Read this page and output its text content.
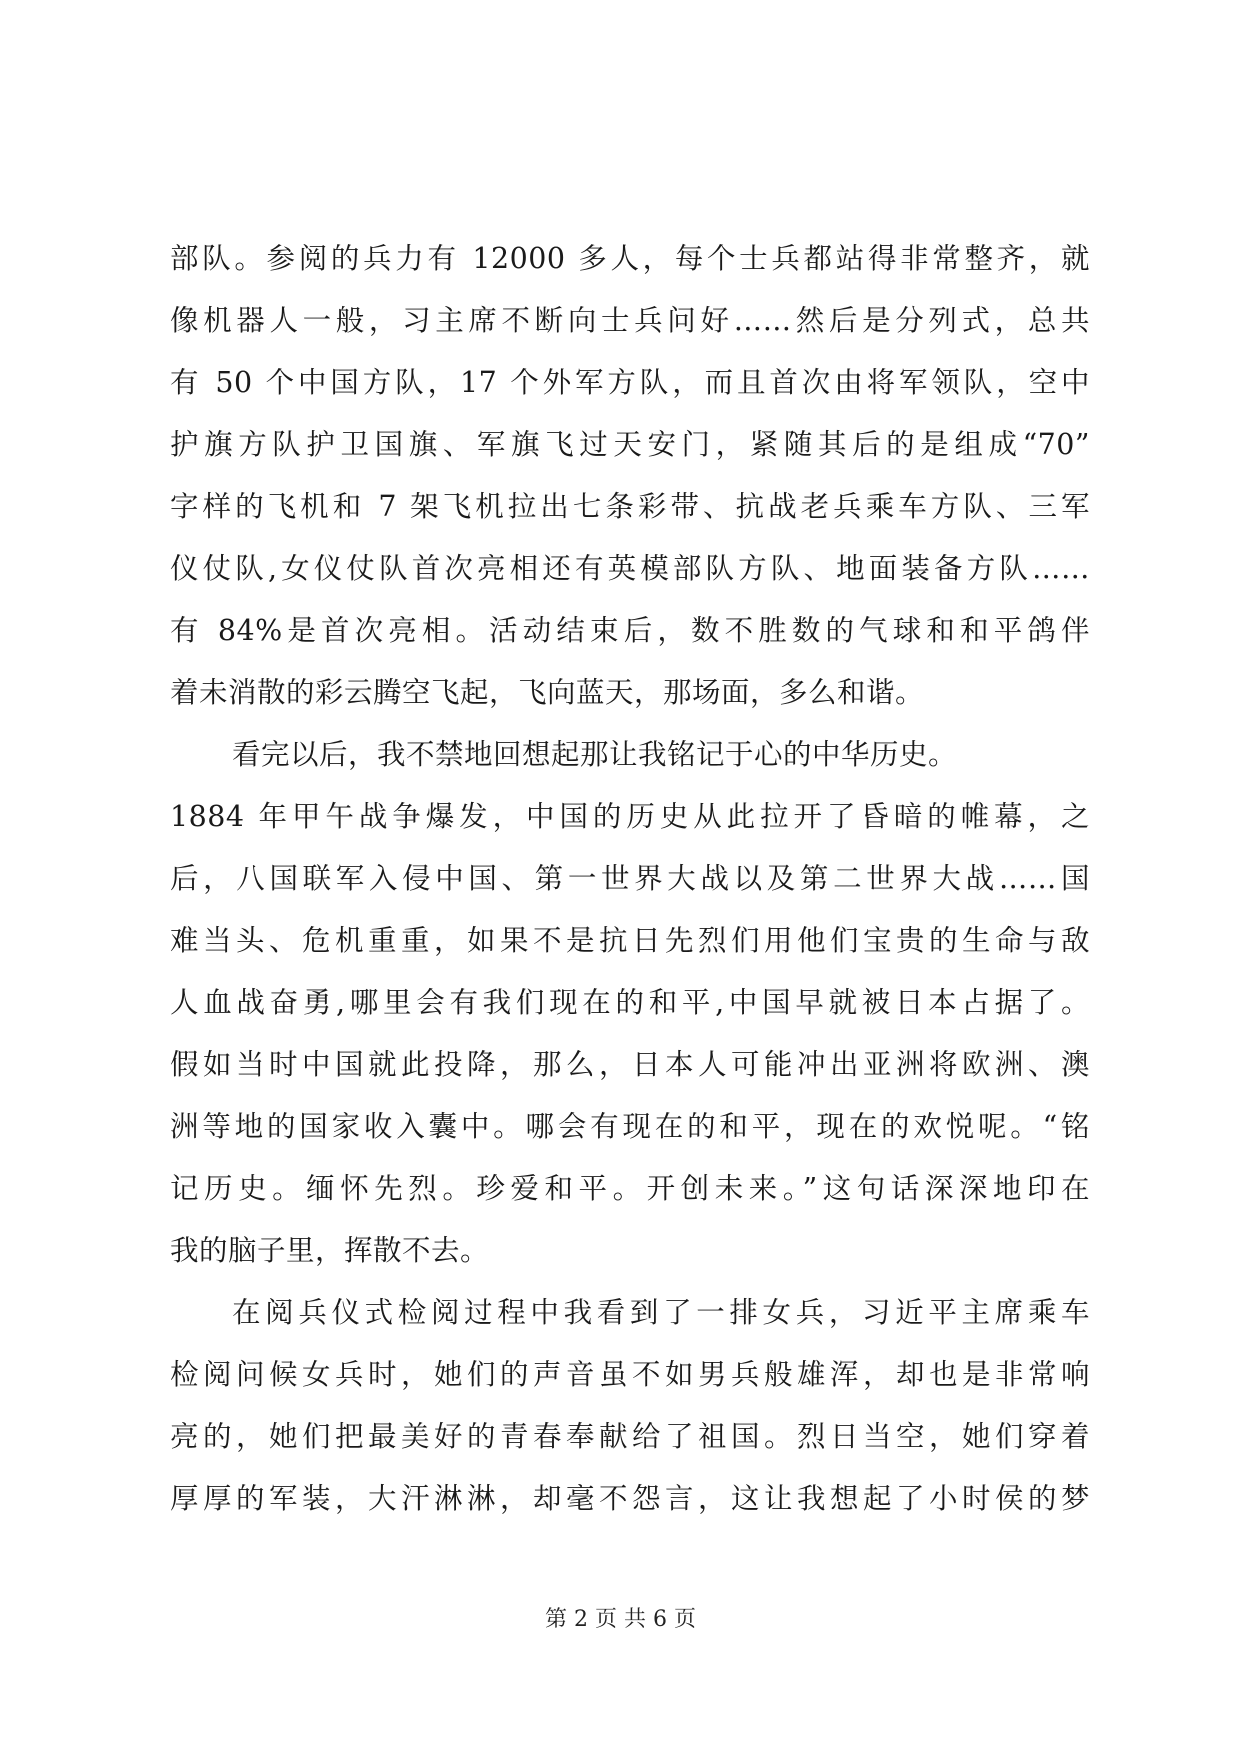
部队。参阅的兵力有 12000 多人，每个士兵都站得非常整齐，就
像机器人一般，习主席不断向士兵问好……然后是分列式，总共
有 50 个中国方队，17 个外军方队，而且首次由将军领队，空中
护旗方队护卫国旗、军旗飞过天安门，紧随其后的是组成“70”
字样的飞机和 7 架飞机拉出七条彩带、抗战老兵乘车方队、三军
仪仗队,女仪仗队首次亮相还有英模部队方队、地面装备方队……
有 84%是首次亮相。活动结束后，数不胜数的气球和和平鸽伴
着未消散的彩云腾空飞起，飞向蓝天，那场面，多么和谐。
看完以后，我不禁地回想起那让我铭记于心的中华历史。
1884 年甲午战争爆发，中国的历史从此拉开了昏暗的帷幕，之
后，八国联军入侵中国、第一世界大战以及第二世界大战……国
难当头、危机重重，如果不是抗日先烈们用他们宝贵的生命与敌
人血战奋勇,哪里会有我们现在的和平,中国早就被日本占据了。
假如当时中国就此投降，那么，日本人可能冲出亚洲将欧洲、澳
洲等地的国家收入囊中。哪会有现在的和平，现在的欢悦呢。“铭
记历史。缅怀先烈。珍爱和平。开创未来。”这句话深深地印在
我的脑子里，挥散不去。
在阅兵仪式检阅过程中我看到了一排女兵，习近平主席乘车
检阅问候女兵时，她们的声音虽不如男兵般雄浑，却也是非常响
亮的，她们把最美好的青春奉献给了祖国。烈日当空，她们穿着
厚厚的军装，大汗淋淋，却毫不怨言，这让我想起了小时侯的梦
第 2 页 共 6 页
